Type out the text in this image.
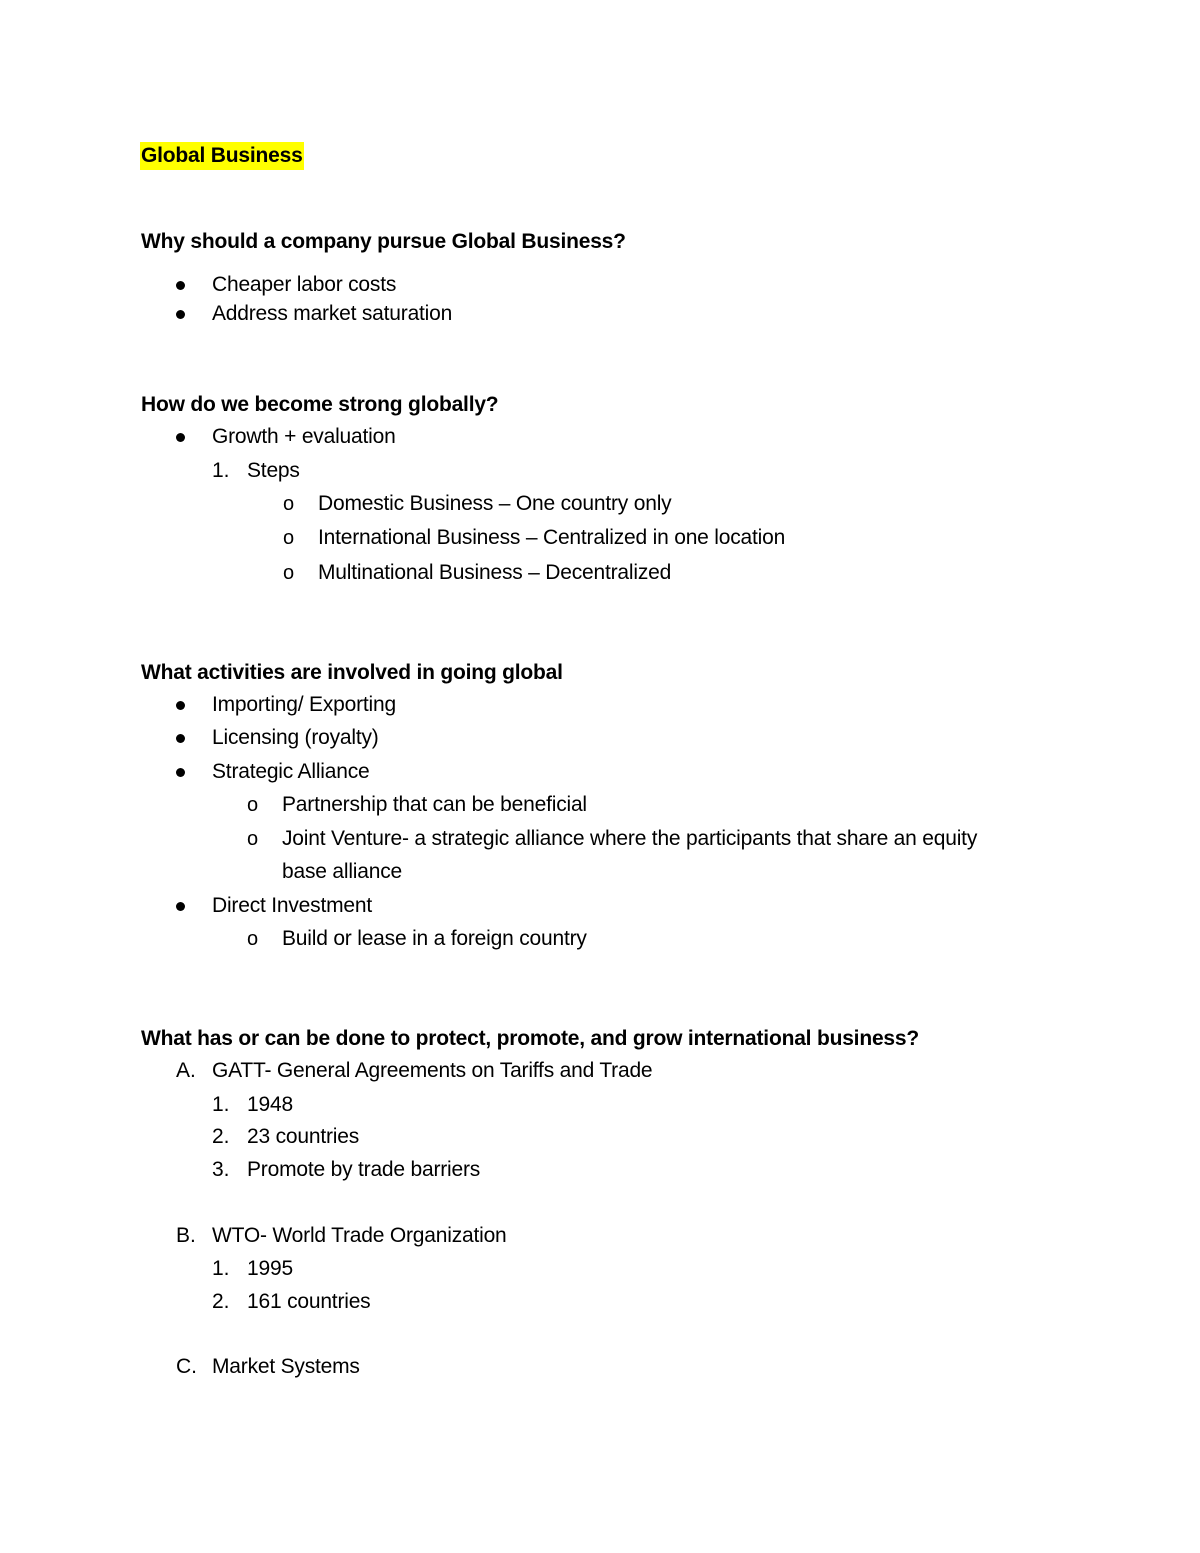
Global Business
Why should a company pursue Global Business?
Cheaper labor costs
Address market saturation
How do we become strong globally?
Growth + evaluation
1. Steps
o Domestic Business – One country only
o International Business – Centralized in one location
o Multinational Business – Decentralized
What activities are involved in going global
Importing/ Exporting
Licensing (royalty)
Strategic Alliance
o Partnership that can be beneficial
o Joint Venture- a strategic alliance where the participants that share an equity
base alliance
Direct Investment
o Build or lease in a foreign country
What has or can be done to protect, promote, and grow international business?
A. GATT- General Agreements on Tariffs and Trade
1. 1948
2. 23 countries
3. Promote by trade barriers
B. WTO- World Trade Organization
1. 1995
2. 161 countries
C. Market Systems
